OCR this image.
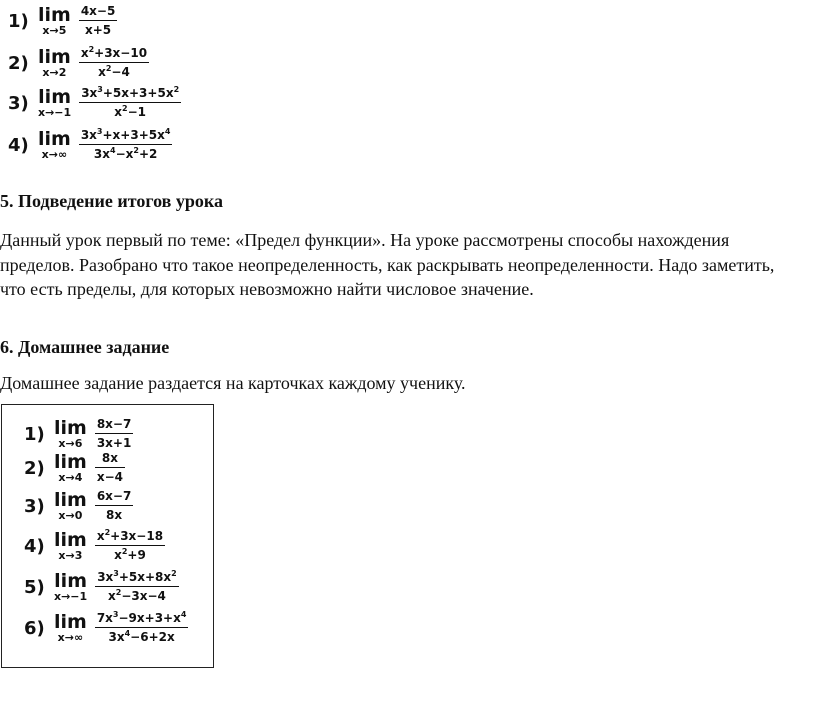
1) lim
$x\to 5 \frac{4x-5}{x+5}$
2) lim
$x\to 2 \frac{x^2+3x-10}{x^2-4}$
3) lim
$x\to-1 \frac{3x^3+5x+3+5x^2}{x^2-1}$
4) lim
$x\to\infty \frac{3x^3+x+3+5x^4}{3x^4-x^2+2}$
5. Подведение итогов урока

Данный урок первый по теме: «Предел функции». На уроке рассмотрены способы нахождения пределов. Разобрано что такое неопределенность, как раскрывать неопределенности. Надо заметить, что есть пределы, для которых невозможно найти числовое значение.

6. Домашнее задание

Домашнее задание раздается на карточках каждому ученику.

1) lim
$x\to 6 \frac{8x-7}{3x+1}$
2) lim
$x\to 4 \frac{8x}{x-4}$
3) lim
$x\to 0 \frac{6x-7}{8x}$
4) lim
$x\to 3 \frac{x^2+3x-18}{x^2+9}$
5) lim
$x\to-1 \frac{3x^3+5x+8x^2}{x^2-3x-4}$
6) lim
$x\to\infty \frac{7x^3-9x+3+x^4}{3x^4-6+2x}$
